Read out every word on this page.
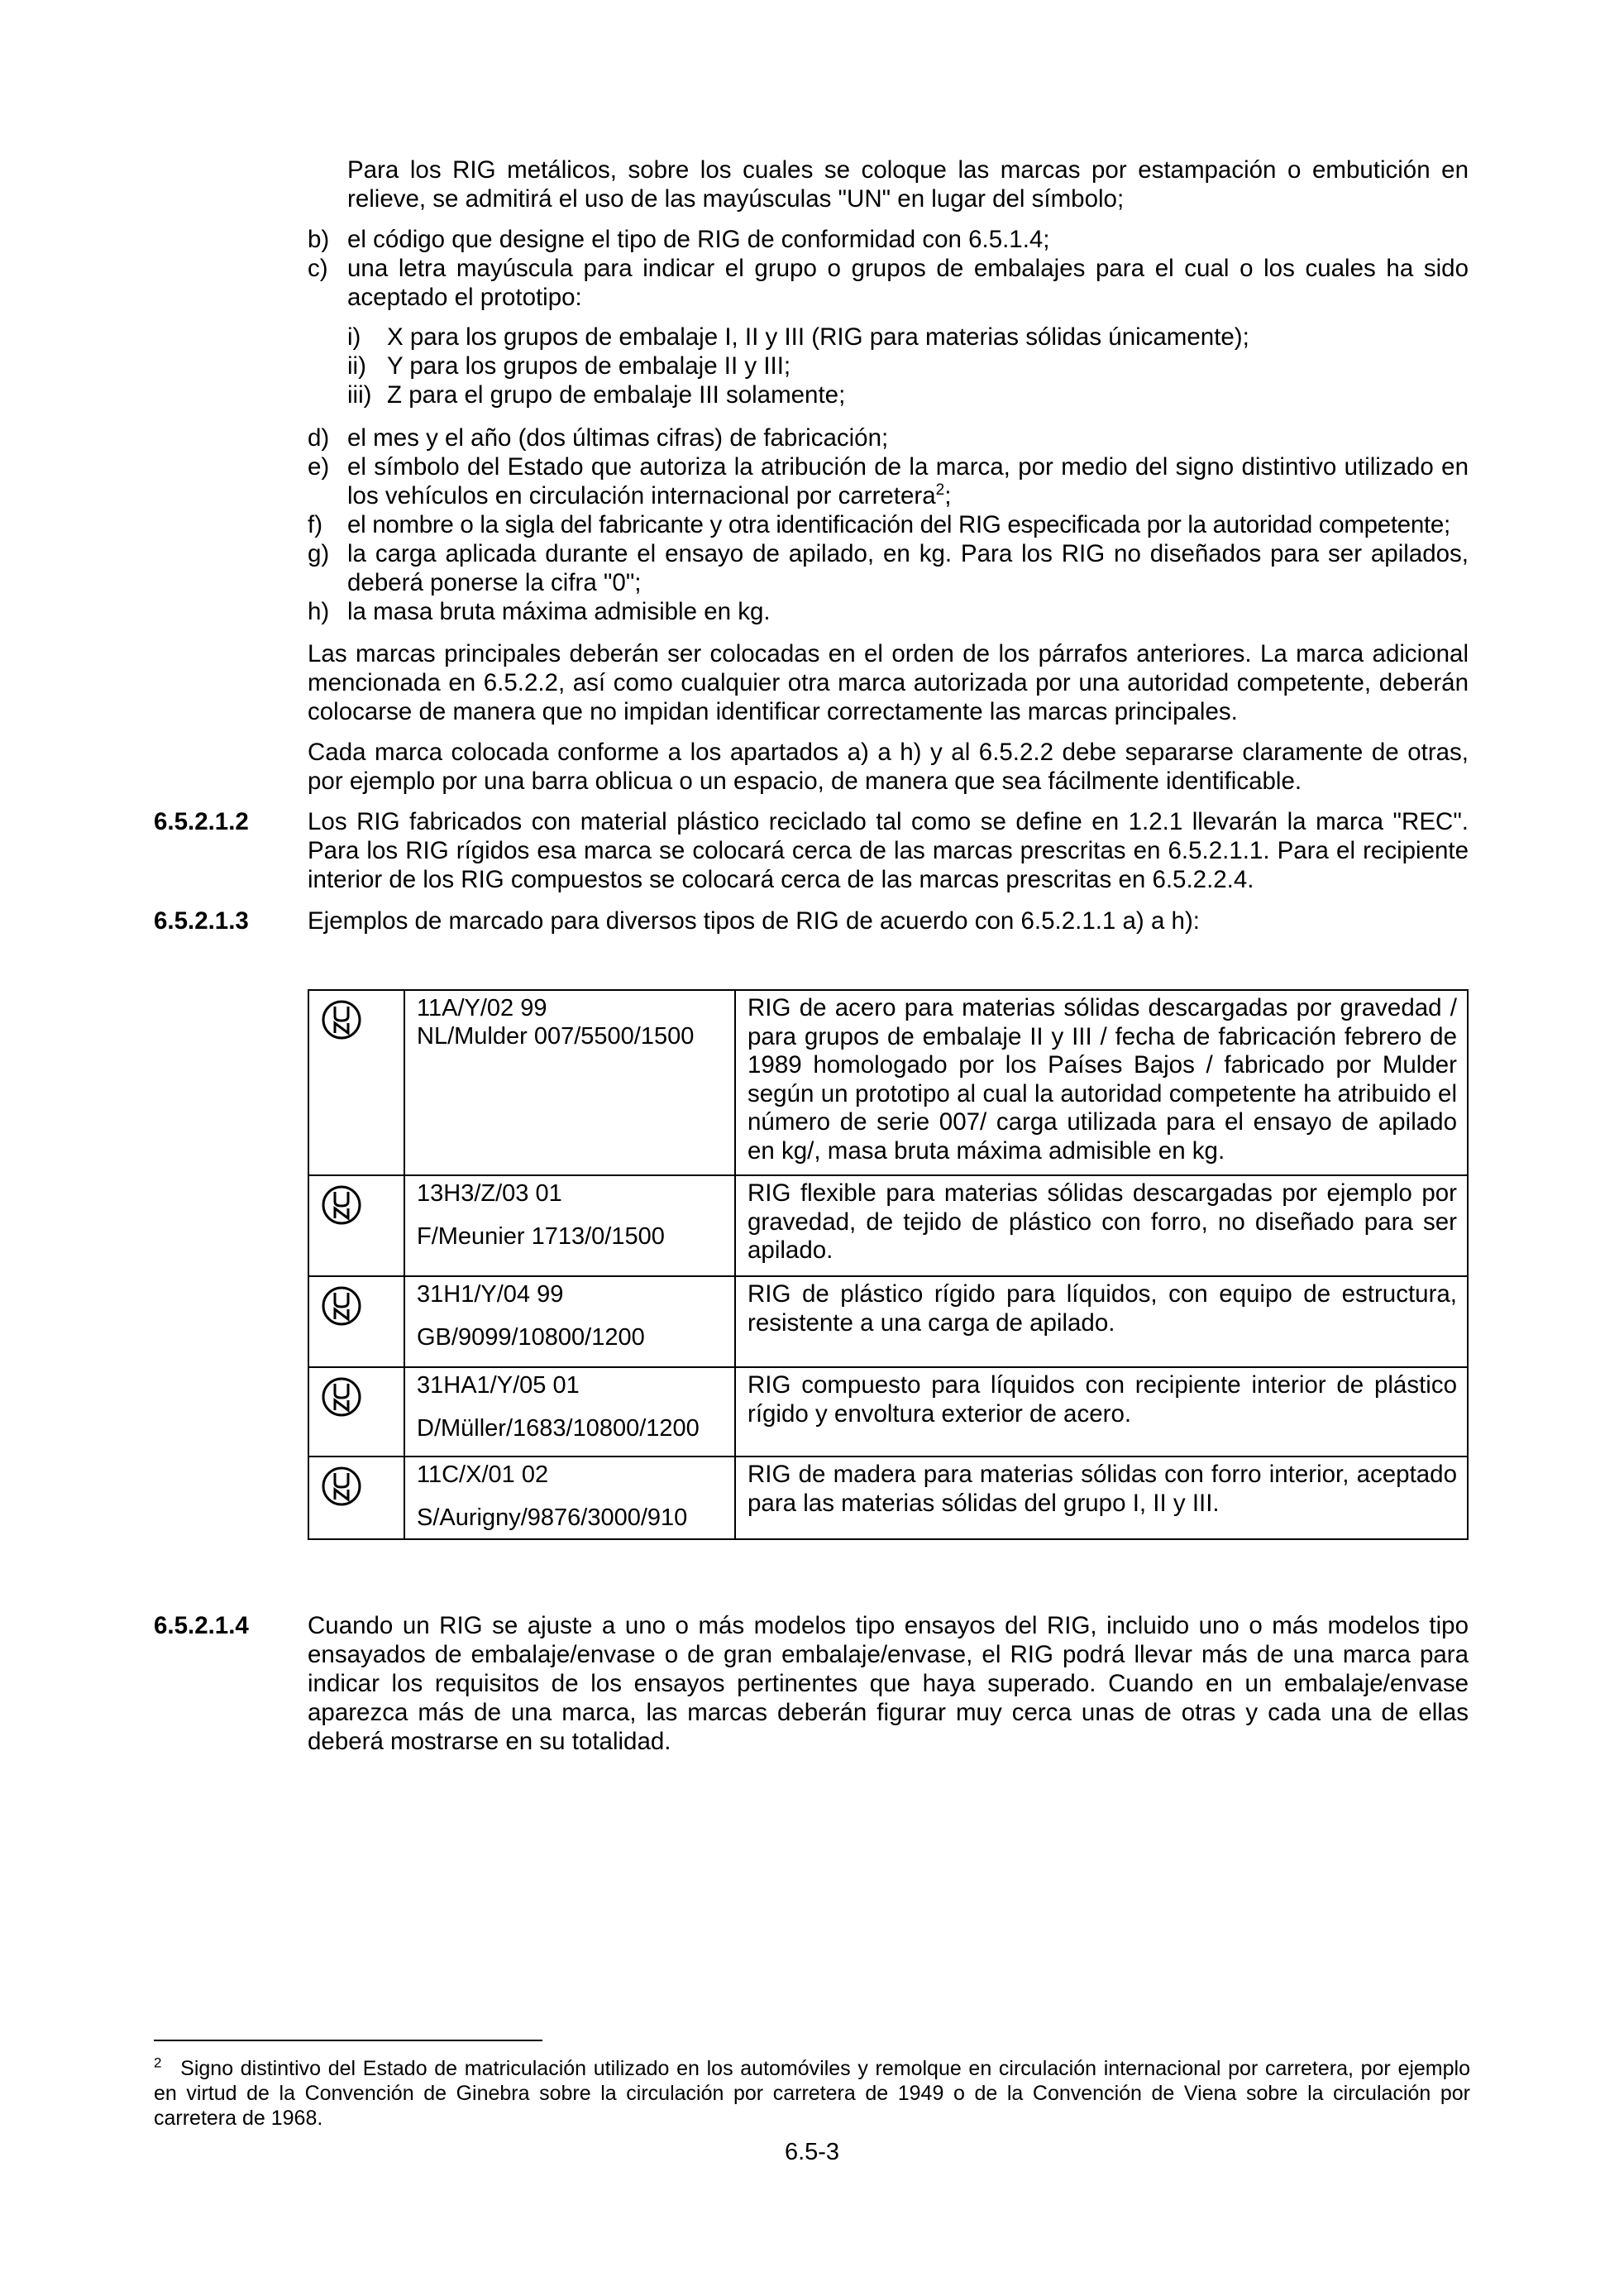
Para los RIG metálicos, sobre los cuales se coloque las marcas por estampación o embutición en relieve, se admitirá el uso de las mayúsculas "UN" en lugar del símbolo;
b) el código que designe el tipo de RIG de conformidad con 6.5.1.4;
c) una letra mayúscula para indicar el grupo o grupos de embalajes para el cual o los cuales ha sido aceptado el prototipo:
i) X para los grupos de embalaje I, II y III (RIG para materias sólidas únicamente);
ii) Y para los grupos de embalaje II y III;
iii) Z para el grupo de embalaje III solamente;
d) el mes y el año (dos últimas cifras) de fabricación;
e) el símbolo del Estado que autoriza la atribución de la marca, por medio del signo distintivo utilizado en los vehículos en circulación internacional por carretera$^2$;
f) el nombre o la sigla del fabricante y otra identificación del RIG especificada por la autoridad competente;
g) la carga aplicada durante el ensayo de apilado, en kg. Para los RIG no diseñados para ser apilados, deberá ponerse la cifra "0";
h) la masa bruta máxima admisible en kg.
Las marcas principales deberán ser colocadas en el orden de los párrafos anteriores. La marca adicional mencionada en 6.5.2.2, así como cualquier otra marca autorizada por una autoridad competente, deberán colocarse de manera que no impidan identificar correctamente las marcas principales.
Cada marca colocada conforme a los apartados a) a h) y al 6.5.2.2 debe separarse claramente de otras, por ejemplo por una barra oblicua o un espacio, de manera que sea fácilmente identificable.
6.5.2.1.2 Los RIG fabricados con material plástico reciclado tal como se define en 1.2.1 llevarán la marca "REC". Para los RIG rígidos esa marca se colocará cerca de las marcas prescritas en 6.5.2.1.1. Para el recipiente interior de los RIG compuestos se colocará cerca de las marcas prescritas en 6.5.2.2.4.
6.5.2.1.3 Ejemplos de marcado para diversos tipos de RIG de acuerdo con 6.5.2.1.1 a) a h):
11A/Y/02 99
NL/Mulder 007/5500/1500
RIG de acero para materias sólidas descargadas por gravedad / para grupos de embalaje II y III / fecha de fabricación febrero de 1989 homologado por los Países Bajos / fabricado por Mulder según un prototipo al cual la autoridad competente ha atribuido el número de serie 007/ carga utilizada para el ensayo de apilado en kg/, masa bruta máxima admisible en kg.
13H3/Z/03 01
F/Meunier 1713/0/1500
RIG flexible para materias sólidas descargadas por ejemplo por gravedad, de tejido de plástico con forro, no diseñado para ser apilado.
31H1/Y/04 99
GB/9099/10800/1200
RIG de plástico rígido para líquidos, con equipo de estructura, resistente a una carga de apilado.
31HA1/Y/05 01
D/Müller/1683/10800/1200
RIG compuesto para líquidos con recipiente interior de plástico rígido y envoltura exterior de acero.
11C/X/01 02
S/Aurigny/9876/3000/910
RIG de madera para materias sólidas con forro interior, aceptado para las materias sólidas del grupo I, II y III.
6.5.2.1.4 Cuando un RIG se ajuste a uno o más modelos tipo ensayos del RIG, incluido uno o más modelos tipo ensayados de embalaje/envase o de gran embalaje/envase, el RIG podrá llevar más de una marca para indicar los requisitos de los ensayos pertinentes que haya superado. Cuando en un embalaje/envase aparezca más de una marca, las marcas deberán figurar muy cerca unas de otras y cada una de ellas deberá mostrarse en su totalidad.
$^2$ Signo distintivo del Estado de matriculación utilizado en los automóviles y remolque en circulación internacional por carretera, por ejemplo en virtud de la Convención de Ginebra sobre la circulación por carretera de 1949 o de la Convención de Viena sobre la circulación por carretera de 1968.
6.5-3
